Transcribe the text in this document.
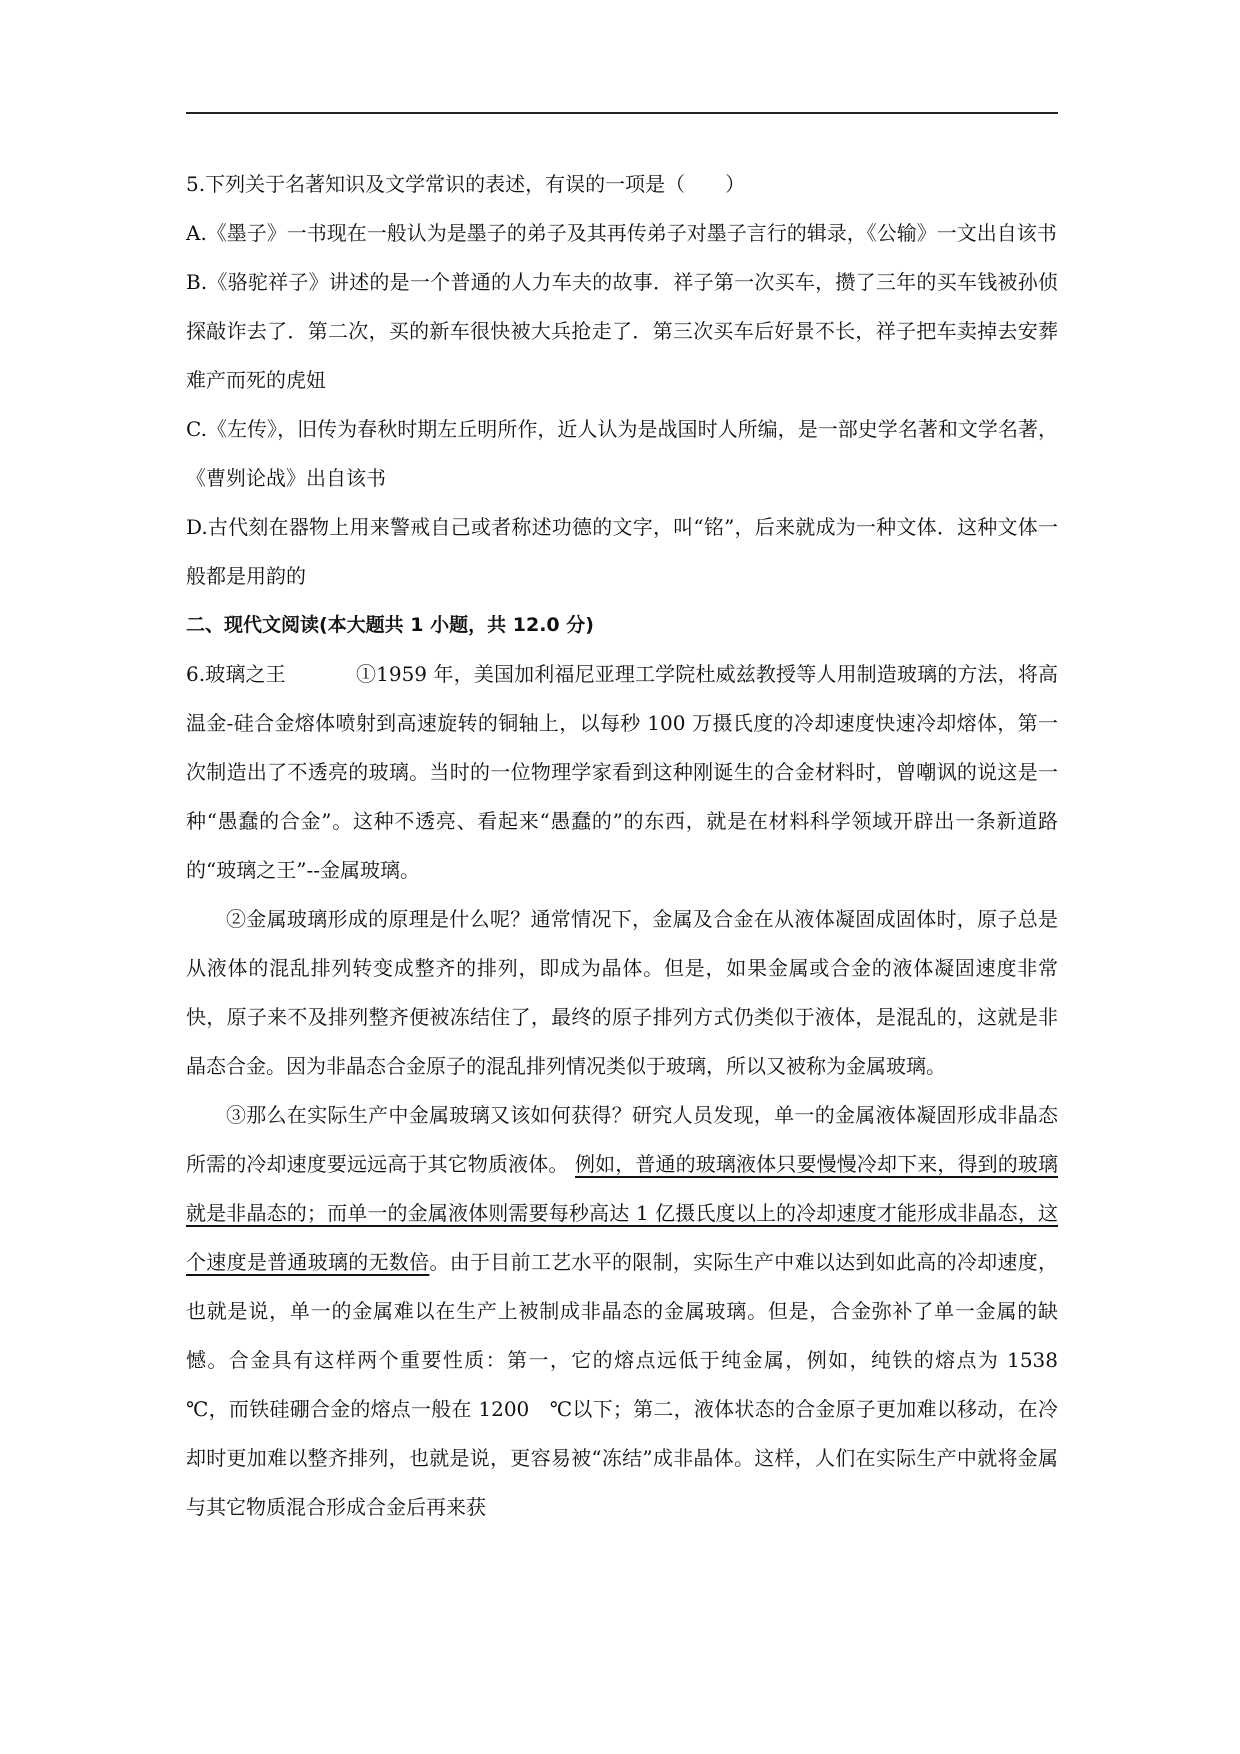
5.下列关于名著知识及文学常识的表述，有误的一项是（　　）

A.《墨子》一书现在一般认为是墨子的弟子及其再传弟子对墨子言行的辑录，《公输》一文出自该书

B.《骆驼祥子》讲述的是一个普通的人力车夫的故事．祥子第一次买车，攒了三年的买车钱被孙侦探敲诈去了．第二次，买的新车很快被大兵抢走了．第三次买车后好景不长，祥子把车卖掉去安葬难产而死的虎妞

C.《左传》，旧传为春秋时期左丘明所作，近人认为是战国时人所编，是一部史学名著和文学名著，《曹刿论战》出自该书

D.古代刻在器物上用来警戒自己或者称述功德的文字，叫“铭”，后来就成为一种文体．这种文体一般都是用韵的

二、现代文阅读(本大题共 1 小题，共 12.0 分)

6.玻璃之王	①1959 年，美国加利福尼亚理工学院杜威兹教授等人用制造玻璃的方法，将高温金-硅合金熔体喷射到高速旋转的铜轴上，以每秒 100 万摄氏度的冷却速度快速冷却熔体，第一次制造出了不透亮的玻璃。当时的一位物理学家看到这种刚诞生的合金材料时，曾嘲讽的说这是一种“愚蠢的合金”。这种不透亮、看起来“愚蠢的”的东西，就是在材料科学领域开辟出一条新道路的“玻璃之王”--金属玻璃。

②金属玻璃形成的原理是什么呢？通常情况下，金属及合金在从液体凝固成固体时，原子总是从液体的混乱排列转变成整齐的排列，即成为晶体。但是，如果金属或合金的液体凝固速度非常快，原子来不及排列整齐便被冻结住了，最终的原子排列方式仍类似于液体，是混乱的，这就是非晶态合金。因为非晶态合金原子的混乱排列情况类似于玻璃，所以又被称为金属玻璃。

③那么在实际生产中金属玻璃又该如何获得？研究人员发现，单一的金属液体凝固形成非晶态所需的冷却速度要远远高于其它物质液体。 例如，普通的玻璃液体只要慢慢冷却下来，得到的玻璃就是非晶态的；而单一的金属液体则需要每秒高达 1 亿摄氏度以上的冷却速度才能形成非晶态，这个速度是普通玻璃的无数倍。由于目前工艺水平的限制，实际生产中难以达到如此高的冷却速度，也就是说，单一的金属难以在生产上被制成非晶态的金属玻璃。但是，合金弥补了单一金属的缺憾。合金具有这样两个重要性质：第一，它的熔点远低于纯金属，例如，纯铁的熔点为 1538　℃，而铁硅硼合金的熔点一般在 1200　℃以下；第二，液体状态的合金原子更加难以移动，在冷却时更加难以整齐排列，也就是说，更容易被“冻结”成非晶体。这样，人们在实际生产中就将金属与其它物质混合形成合金后再来获
